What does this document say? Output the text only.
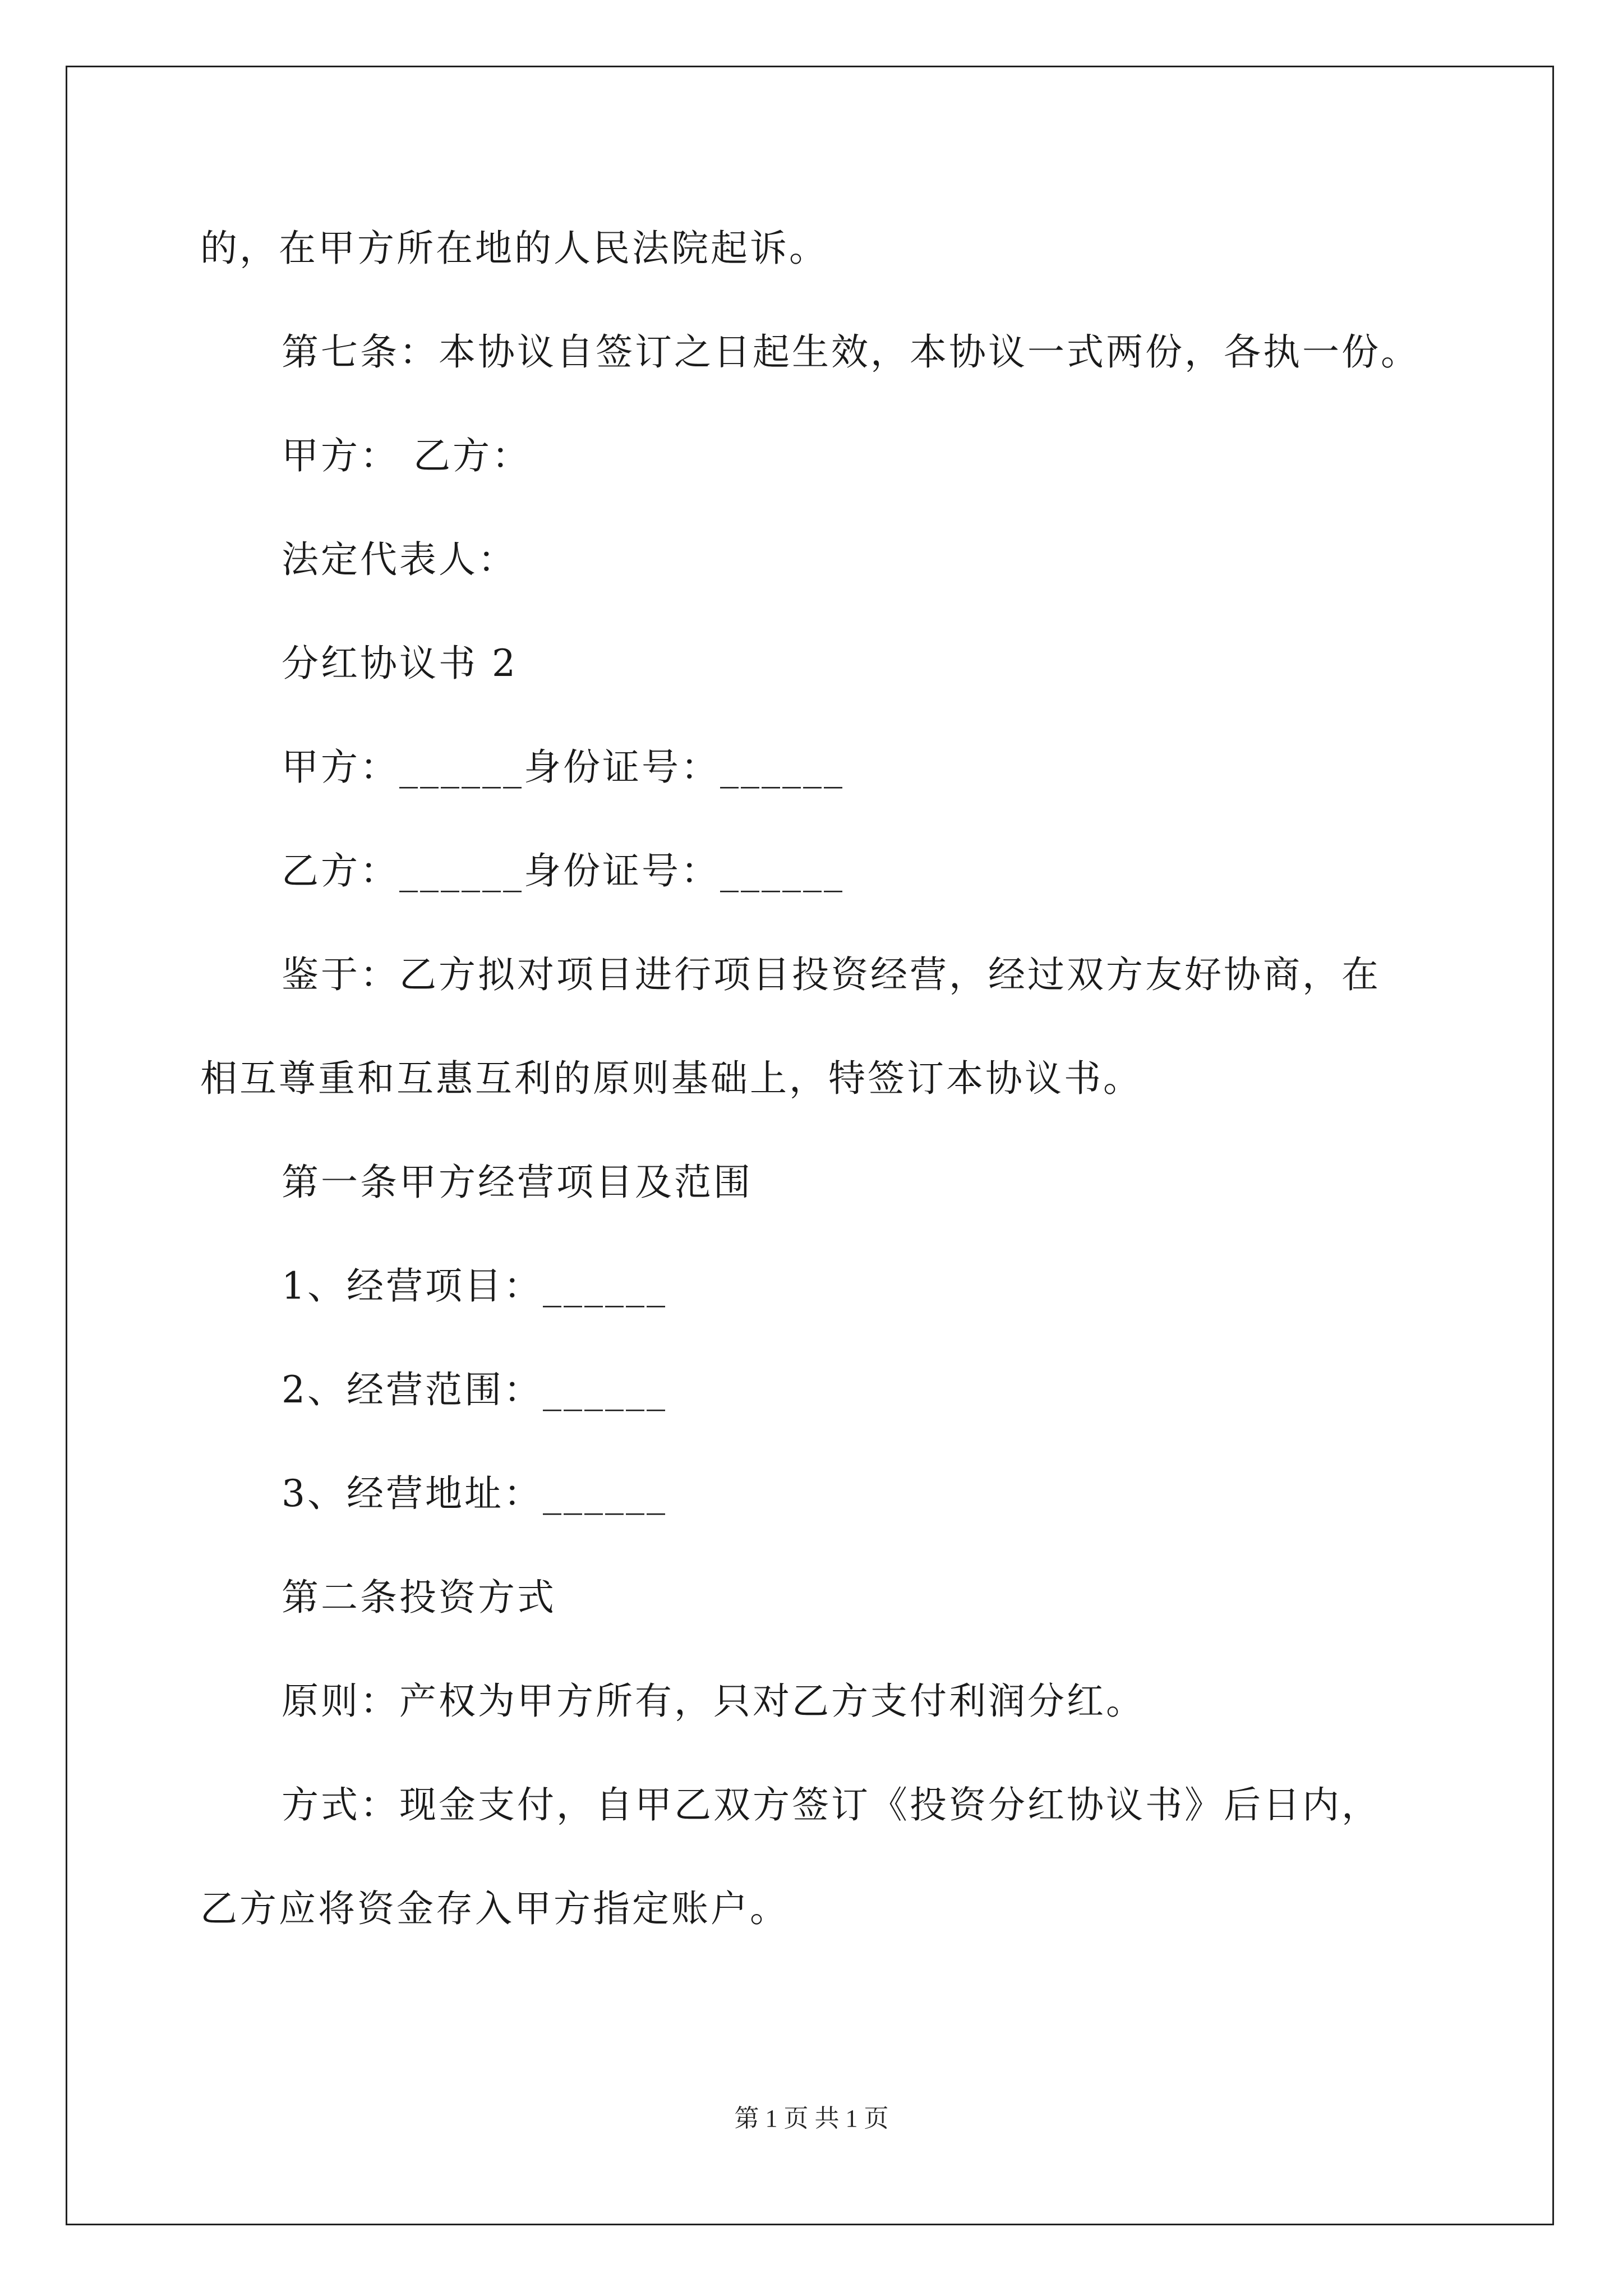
的，在甲方所在地的人民法院起诉。
第七条：本协议自签订之日起生效，本协议一式两份，各执一份。
甲方： 乙方：
法定代表人：
分红协议书 2
甲方：______身份证号：______
乙方：______身份证号：______
鉴于：乙方拟对项目进行项目投资经营，经过双方友好协商，在
相互尊重和互惠互利的原则基础上，特签订本协议书。
第一条甲方经营项目及范围
1、经营项目：______
2、经营范围：______
3、经营地址：______
第二条投资方式
原则：产权为甲方所有，只对乙方支付利润分红。
方式：现金支付，自甲乙双方签订《投资分红协议书》后日内，
乙方应将资金存入甲方指定账户。
第 1 页 共 1 页
